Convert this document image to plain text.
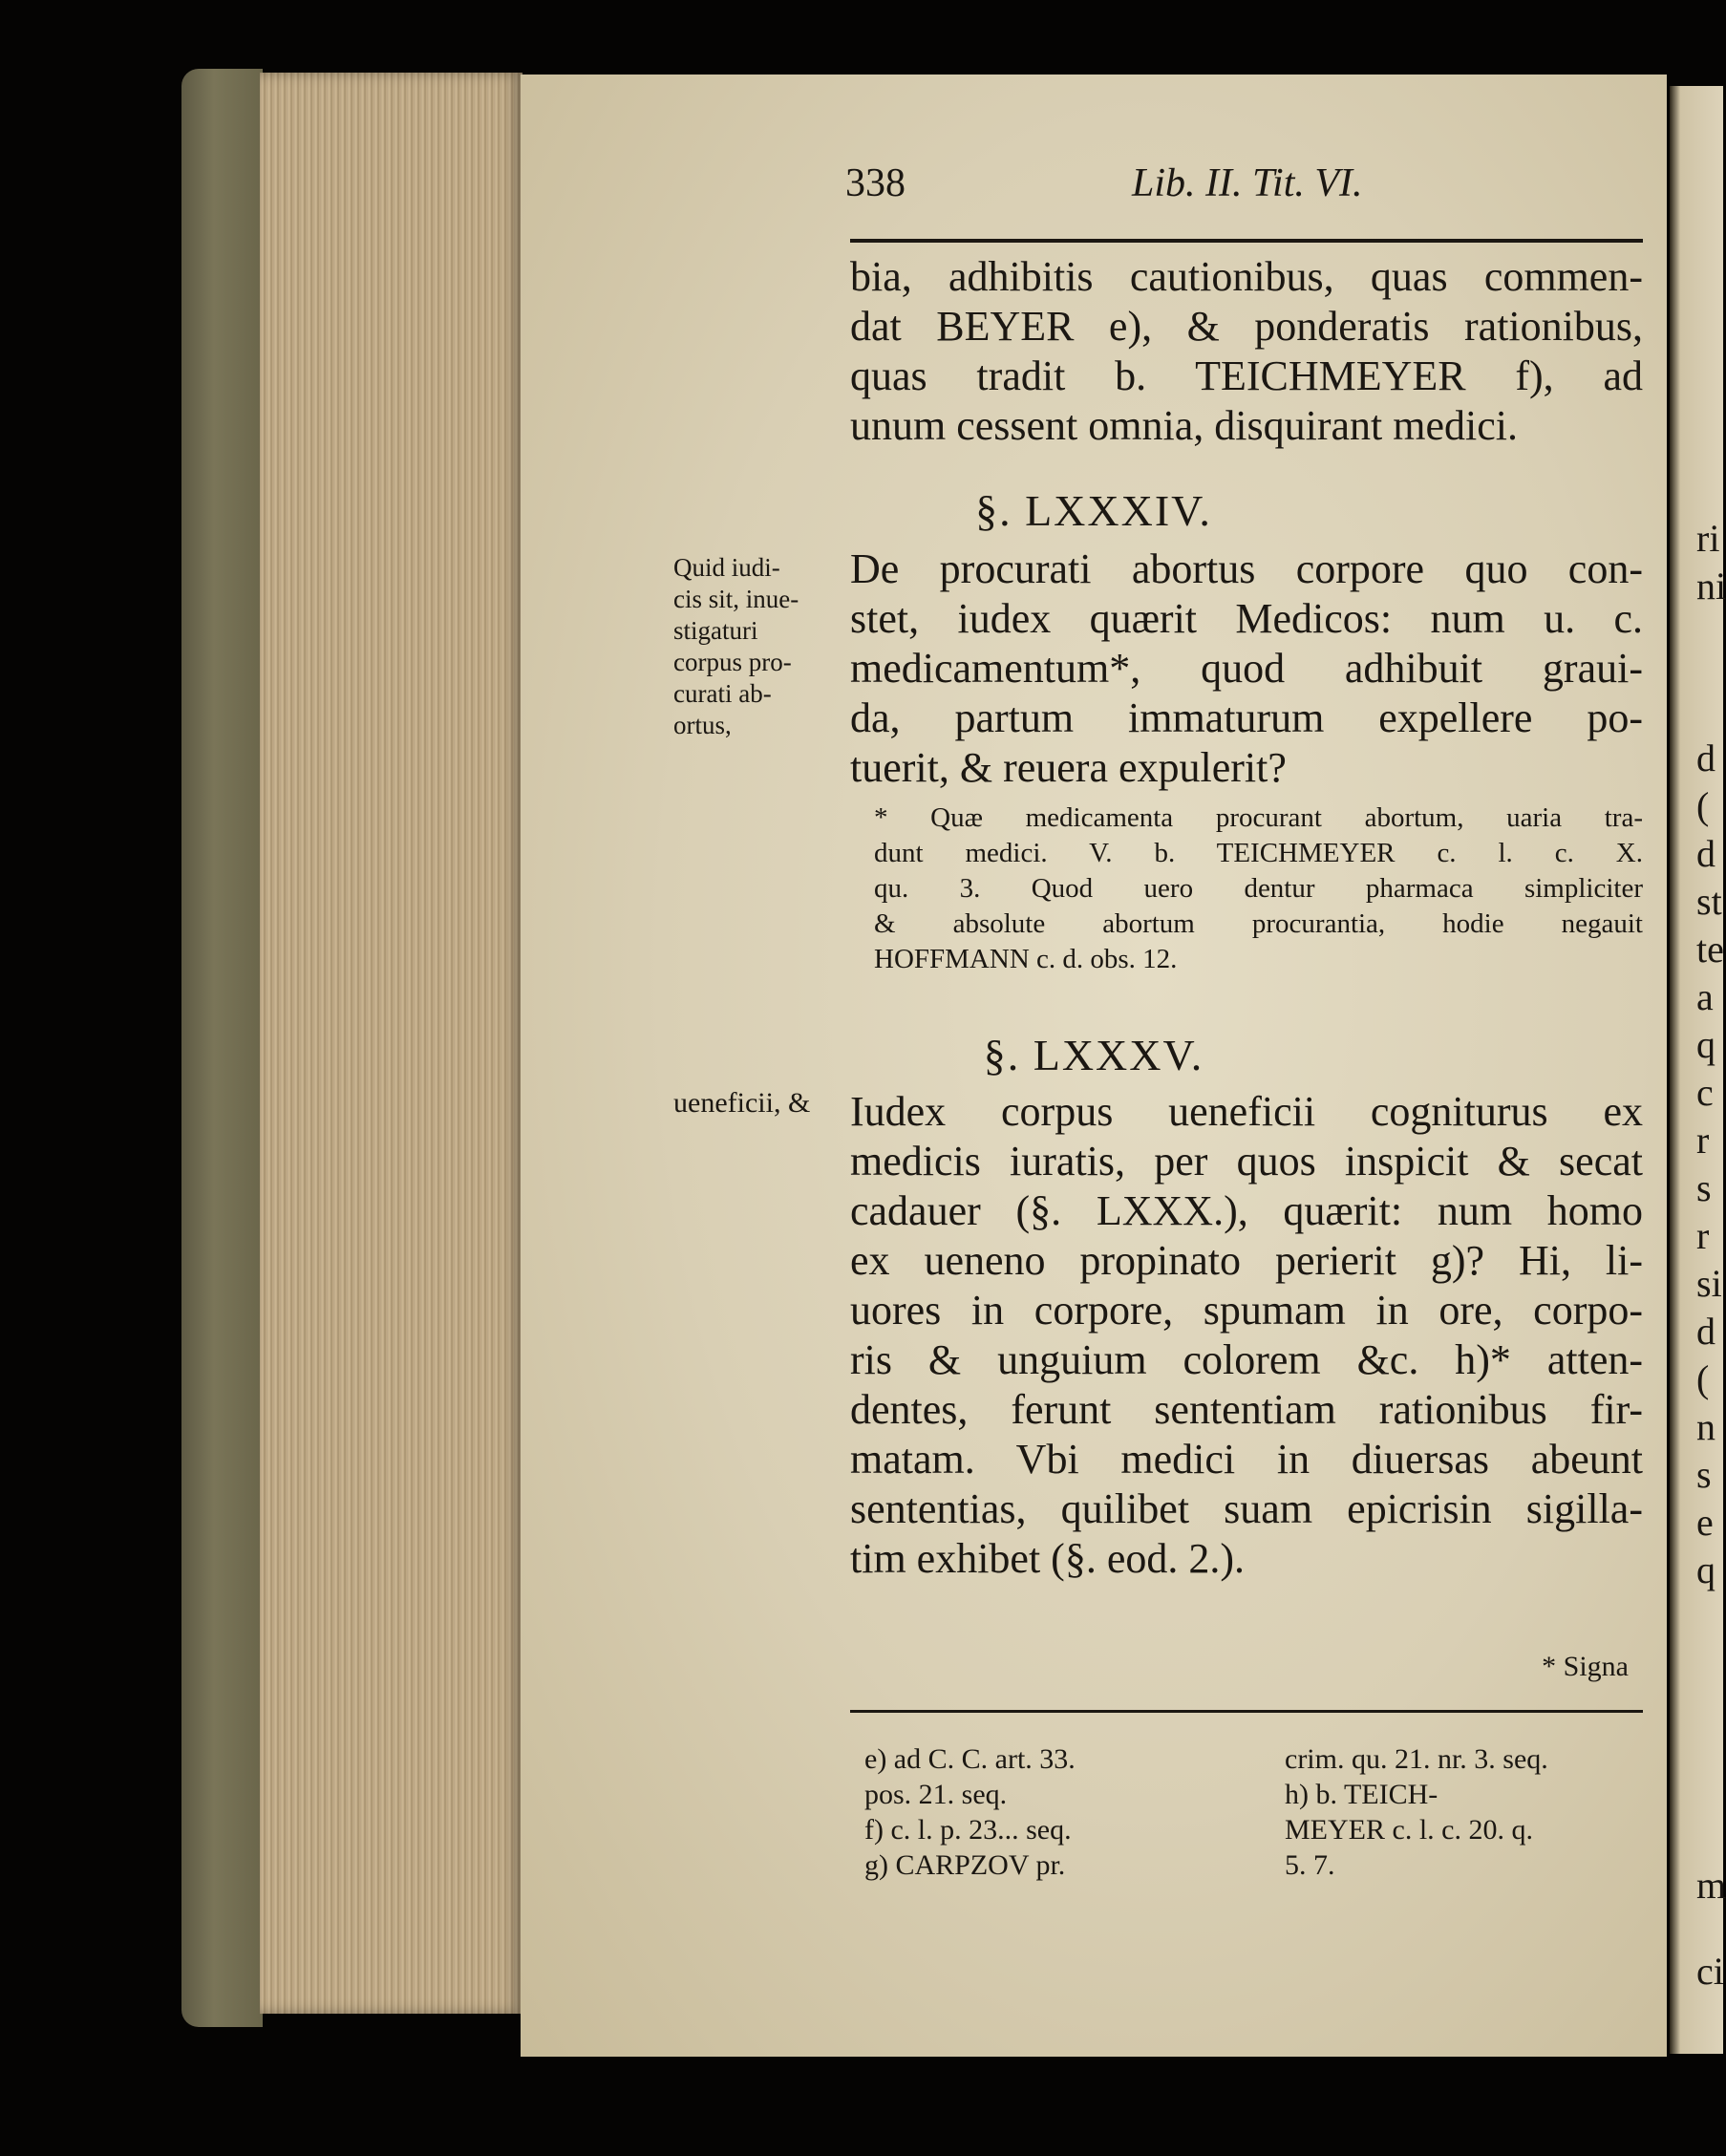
338	Lib. II. Tit. VI.
bia, adhibitis cautionibus, quas commen-
dat BEYER e), & ponderatis rationibus,
quas tradit b. TEICHMEYER f), ad
unum cessent omnia, disquirant medici.
§. LXXXIV.
Quid iudi-
cis sit, inue-
stigaturi
corpus pro-
curati ab-
ortus,
De procurati abortus corpore quo con-
stet, iudex quærit Medicos: num u. c.
medicamentum*, quod adhibuit graui-
da, partum immaturum expellere po-
tuerit, & reuera expulerit?
* Quæ medicamenta procurant abortum, uaria tra-
dunt medici. V. b. TEICHMEYER c. l. c. X.
qu. 3. Quod uero dentur pharmaca simpliciter
& absolute abortum procurantia, hodie negauit
HOFFMANN c. d. obs. 12.
§. LXXXV.
ueneficii, & Iudex corpus ueneficii cogniturus ex
medicis iuratis, per quos inspicit & secat
cadauer (§. LXXX.), quærit: num homo
ex ueneno propinato perierit g)? Hi, li-
uores in corpore, spumam in ore, corpo-
ris & unguium colorem &c. h)* atten-
dentes, ferunt sententiam rationibus fir-
matam. Vbi medici in diuersas abeunt
sententias, quilibet suam epicrisin sigilla-
tim exhibet (§. eod. 2.).
* Signa
e) ad C. C. art. 33.
pos. 21. seq.
f) c. l. p. 23... seq.
g) CARPZOV pr.
crim. qu. 21. nr. 3. seq.
h) b. TEICH-
MEYER c. l. c. 20. q.
5. 7.
ri
ni
d
(
d
st
te
a
q
c
r
s
r
si
d
(
n
s
e
q
m
ci
